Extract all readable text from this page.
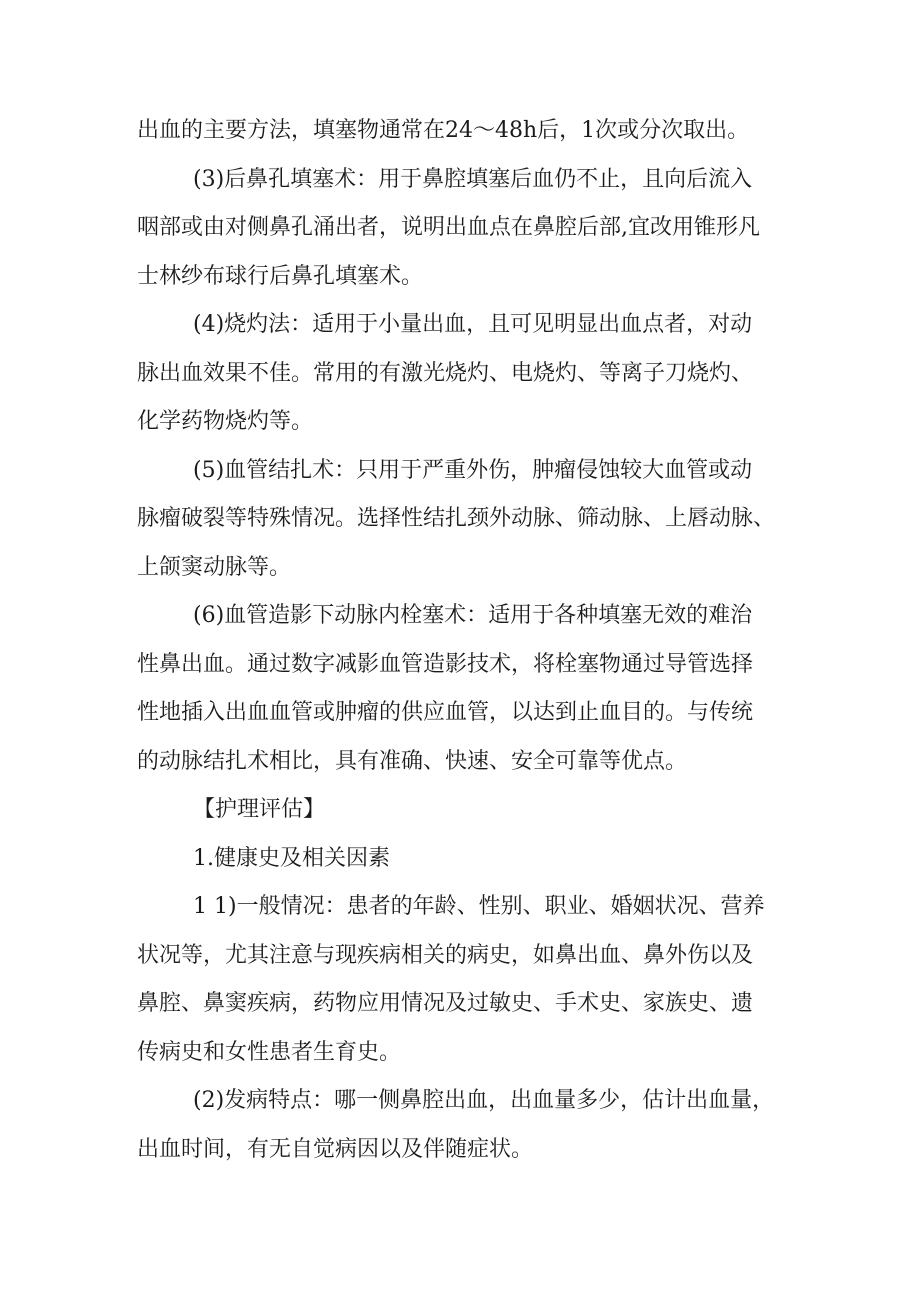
出血的主要方法，填塞物通常在24～48h后，1次或分次取出。
(3)后鼻孔填塞术：用于鼻腔填塞后血仍不止，且向后流入
咽部或由对侧鼻孔涌出者，说明出血点在鼻腔后部,宜改用锥形凡
士林纱布球行后鼻孔填塞术。
(4)烧灼法：适用于小量出血，且可见明显出血点者，对动
脉出血效果不佳。常用的有激光烧灼、电烧灼、等离子刀烧灼、
化学药物烧灼等。
(5)血管结扎术：只用于严重外伤，肿瘤侵蚀较大血管或动
脉瘤破裂等特殊情况。选择性结扎颈外动脉、筛动脉、上唇动脉、
上颌窦动脉等。
(6)血管造影下动脉内栓塞术：适用于各种填塞无效的难治
性鼻出血。通过数字减影血管造影技术，将栓塞物通过导管选择
性地插入出血血管或肿瘤的供应血管，以达到止血目的。与传统
的动脉结扎术相比，具有准确、快速、安全可靠等优点。
【护理评估】
1.健康史及相关因素
1 1)一般情况：患者的年龄、性别、职业、婚姻状况、营养
状况等，尤其注意与现疾病相关的病史，如鼻出血、鼻外伤以及
鼻腔、鼻窦疾病，药物应用情况及过敏史、手术史、家族史、遗
传病史和女性患者生育史。
(2)发病特点：哪一侧鼻腔出血，出血量多少，估计出血量，
出血时间，有无自觉病因以及伴随症状。
